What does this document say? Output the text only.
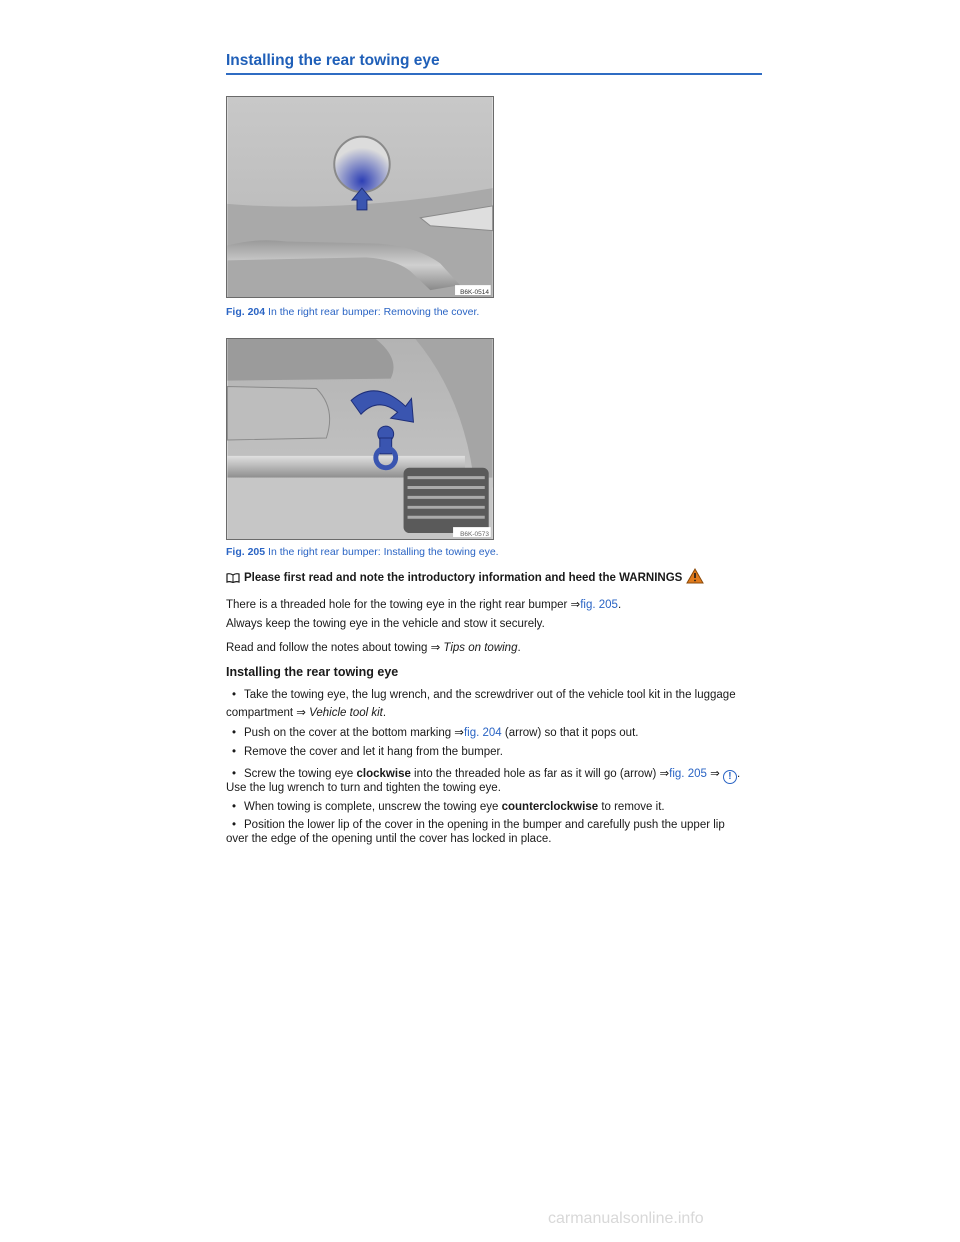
Installing the rear towing eye
B6K-0514
Fig. 204 In the right rear bumper: Removing the cover.
B6K-0573
Fig. 205 In the right rear bumper: Installing the towing eye.
Please first read and note the introductory information and heed the WARNINGS
There is a threaded hole for the towing eye in the right rear bumper ⇒fig. 205.
Always keep the towing eye in the vehicle and stow it securely.
Read and follow the notes about towing ⇒ Tips on towing.
Installing the rear towing eye
• Take the towing eye, the lug wrench, and the screwdriver out of the vehicle tool kit in the luggage
compartment ⇒ Vehicle tool kit.
• Push on the cover at the bottom marking ⇒fig. 204 (arrow) so that it pops out.
• Remove the cover and let it hang from the bumper.
• Screw the towing eye clockwise into the threaded hole as far as it will go (arrow) ⇒fig. 205 ⇒ ! .
Use the lug wrench to turn and tighten the towing eye.
• When towing is complete, unscrew the towing eye counterclockwise to remove it.
• Position the lower lip of the cover in the opening in the bumper and carefully push the upper lip
over the edge of the opening until the cover has locked in place.
carmanualsonline.info
